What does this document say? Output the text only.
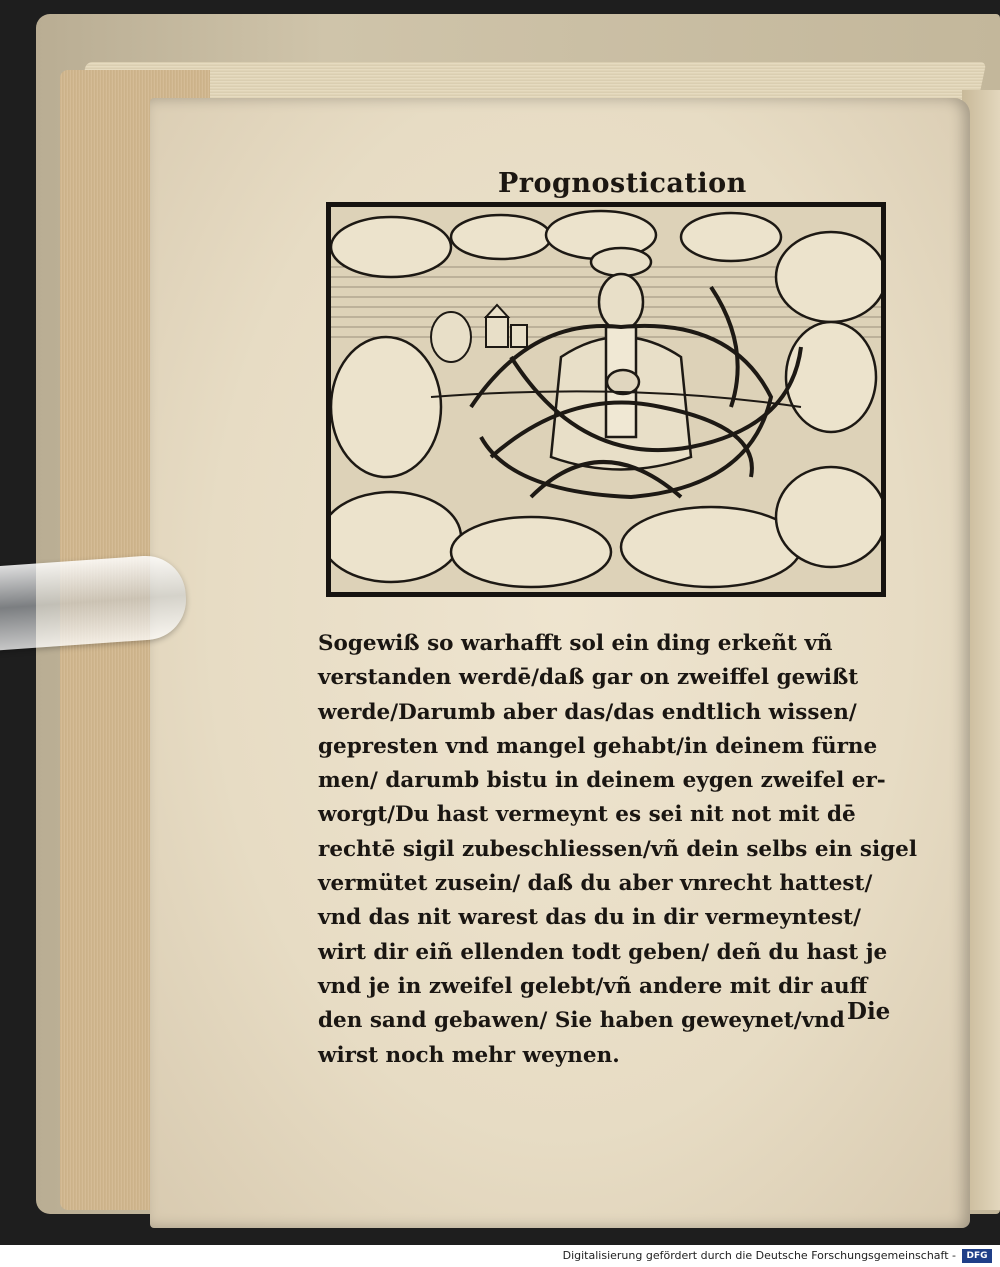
Prognostication
Sogewiß so warhafft sol ein ding erkeñt vñ
verstanden werdē/daß gar on zweiffel gewißt
werde/Darumb aber das/das endtlich wissen/
gepresten vnd mangel gehabt/in deinem fürne
men/ darumb bistu in deinem eygen zweifel er-
worgt/Du hast vermeynt es sei nit not mit dē
rechtē sigil zubeschliessen/vñ dein selbs ein sigel
vermütet zusein/ daß du aber vnrecht hattest/
vnd das nit warest das du in dir vermeyntest/
wirt dir eiñ ellenden todt geben/ deñ du hast je
vnd je in zweifel gelebt/vñ andere mit dir auff
den sand gebawen/ Sie haben geweynet/vnd
wirst noch mehr weynen.
Die
Digitalisierung gefördert durch die Deutsche Forschungsgemeinschaft -	DFG
